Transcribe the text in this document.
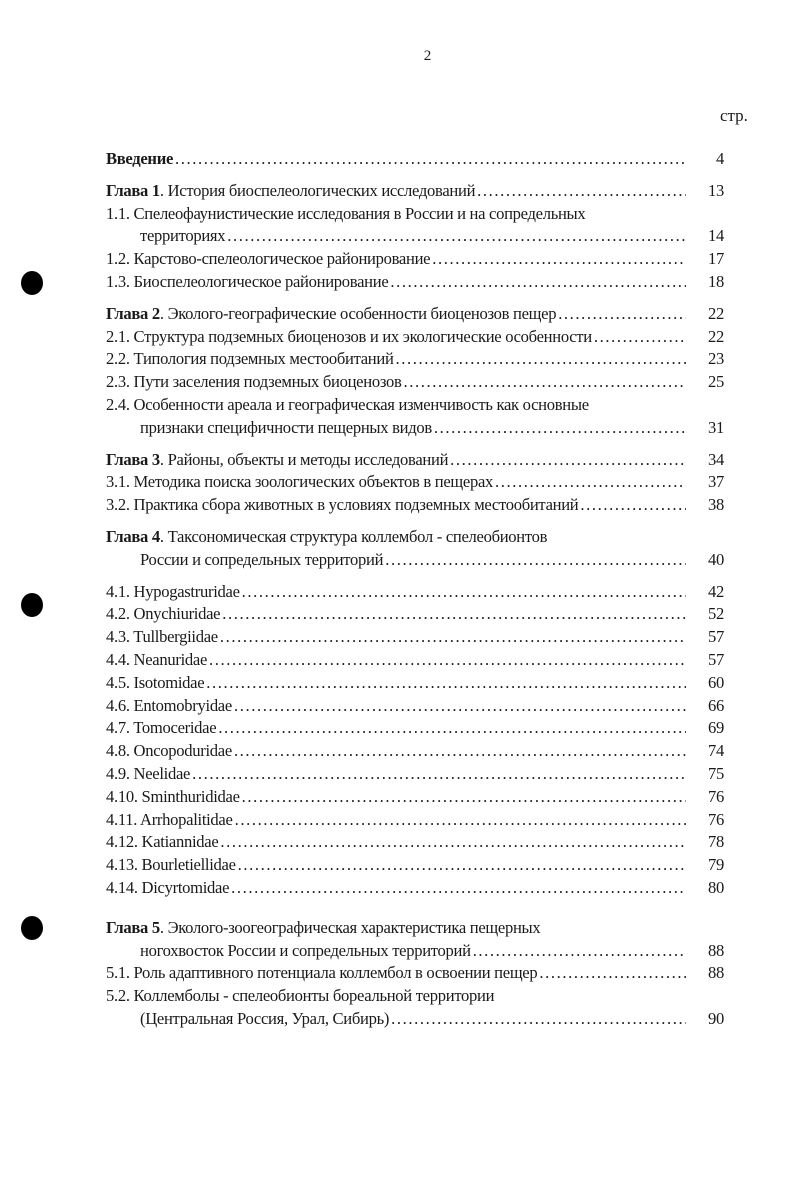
2
стр.
Введение .....	4
Глава 1. История биоспелеологических исследований .....	13
1.1. Спелеофаунистические исследования в России и на сопредельных
территориях .....	14
1.2. Карстово-спелеологическое районирование .....	17
1.3. Биоспелеологическое районирование .....	18
Глава 2. Эколого-географические особенности биоценозов пещер .....	22
2.1. Структура подземных биоценозов и их экологические особенности .....	22
2.2. Типология подземных местообитаний .....	23
2.3. Пути заселения подземных биоценозов .....	25
2.4. Особенности ареала и географическая изменчивость как основные
признаки специфичности пещерных видов .....	31
Глава 3. Районы, объекты и методы исследований .....	34
3.1. Методика поиска зоологических объектов в пещерах .....	37
3.2. Практика сбора животных в условиях подземных местообитаний .....	38
Глава 4. Таксономическая структура коллембол - спелеобионтов
России и сопредельных территорий .....	40
4.1. Hypogastruridae .....	42
4.2. Onychiuridae .....	52
4.3. Tullbergiidae .....	57
4.4. Neanuridae .....	57
4.5. Isotomidae .....	60
4.6. Entomobryidae .....	66
4.7. Tomoceridae .....	69
4.8. Oncopoduridae .....	74
4.9. Neelidae .....	75
4.10. Sminthurididae .....	76
4.11. Arrhopalitidae .....	76
4.12. Katiannidae .....	78
4.13. Bourletiellidae .....	79
4.14. Dicyrtomidae .....	80
Глава 5. Эколого-зоогеографическая характеристика пещерных
ногохвосток России и сопредельных территорий .....	88
5.1. Роль адаптивного потенциала коллембол в освоении пещер .....	88
5.2. Коллемболы - спелеобионты бореальной территории
(Центральная Россия, Урал, Сибирь) .....	90
